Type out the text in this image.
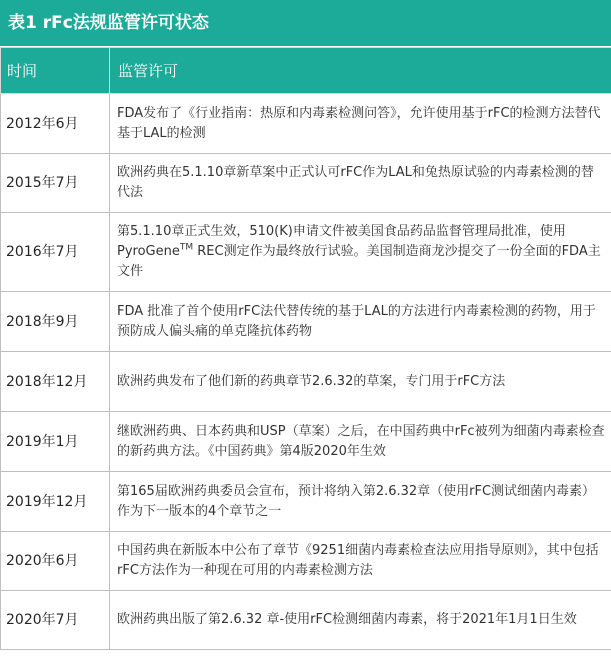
表1 rFc法规监管许可状态
时间	监管许可
2012年6月	FDA发布了《行业指南：热原和内毒素检测问答》，允许使用基于rFC的检测方法替代基于LAL的检测
2015年7月	欧洲药典在5.1.10章新草案中正式认可rFC作为LAL和兔热原试验的内毒素检测的替代法
2016年7月	第5.1.10章正式生效，510(K)申请文件被美国食品药品监督管理局批准，使用PyroGene™ REC测定作为最终放行试验。美国制造商龙沙提交了一份全面的FDA主文件
2018年9月	FDA 批准了首个使用rFC法代替传统的基于LAL的方法进行内毒素检测的药物，用于预防成人偏头痛的单克隆抗体药物
2018年12月	欧洲药典发布了他们新的药典章节2.6.32的草案，专门用于rFC方法
2019年1月	继欧洲药典、日本药典和USP（草案）之后，在中国药典中rFc被列为细菌内毒素检查的新药典方法。《中国药典》第4版2020年生效
2019年12月	第165届欧洲药典委员会宣布，预计将纳入第2.6.32章（使用rFC测试细菌内毒素）作为下一版本的4个章节之一
2020年6月	中国药典在新版本中公布了章节《9251细菌内毒素检查法应用指导原则》，其中包括rFC方法作为一种现在可用的内毒素检测方法
2020年7月	欧洲药典出版了第2.6.32 章-使用rFC检测细菌内毒素，将于2021年1月1日生效
